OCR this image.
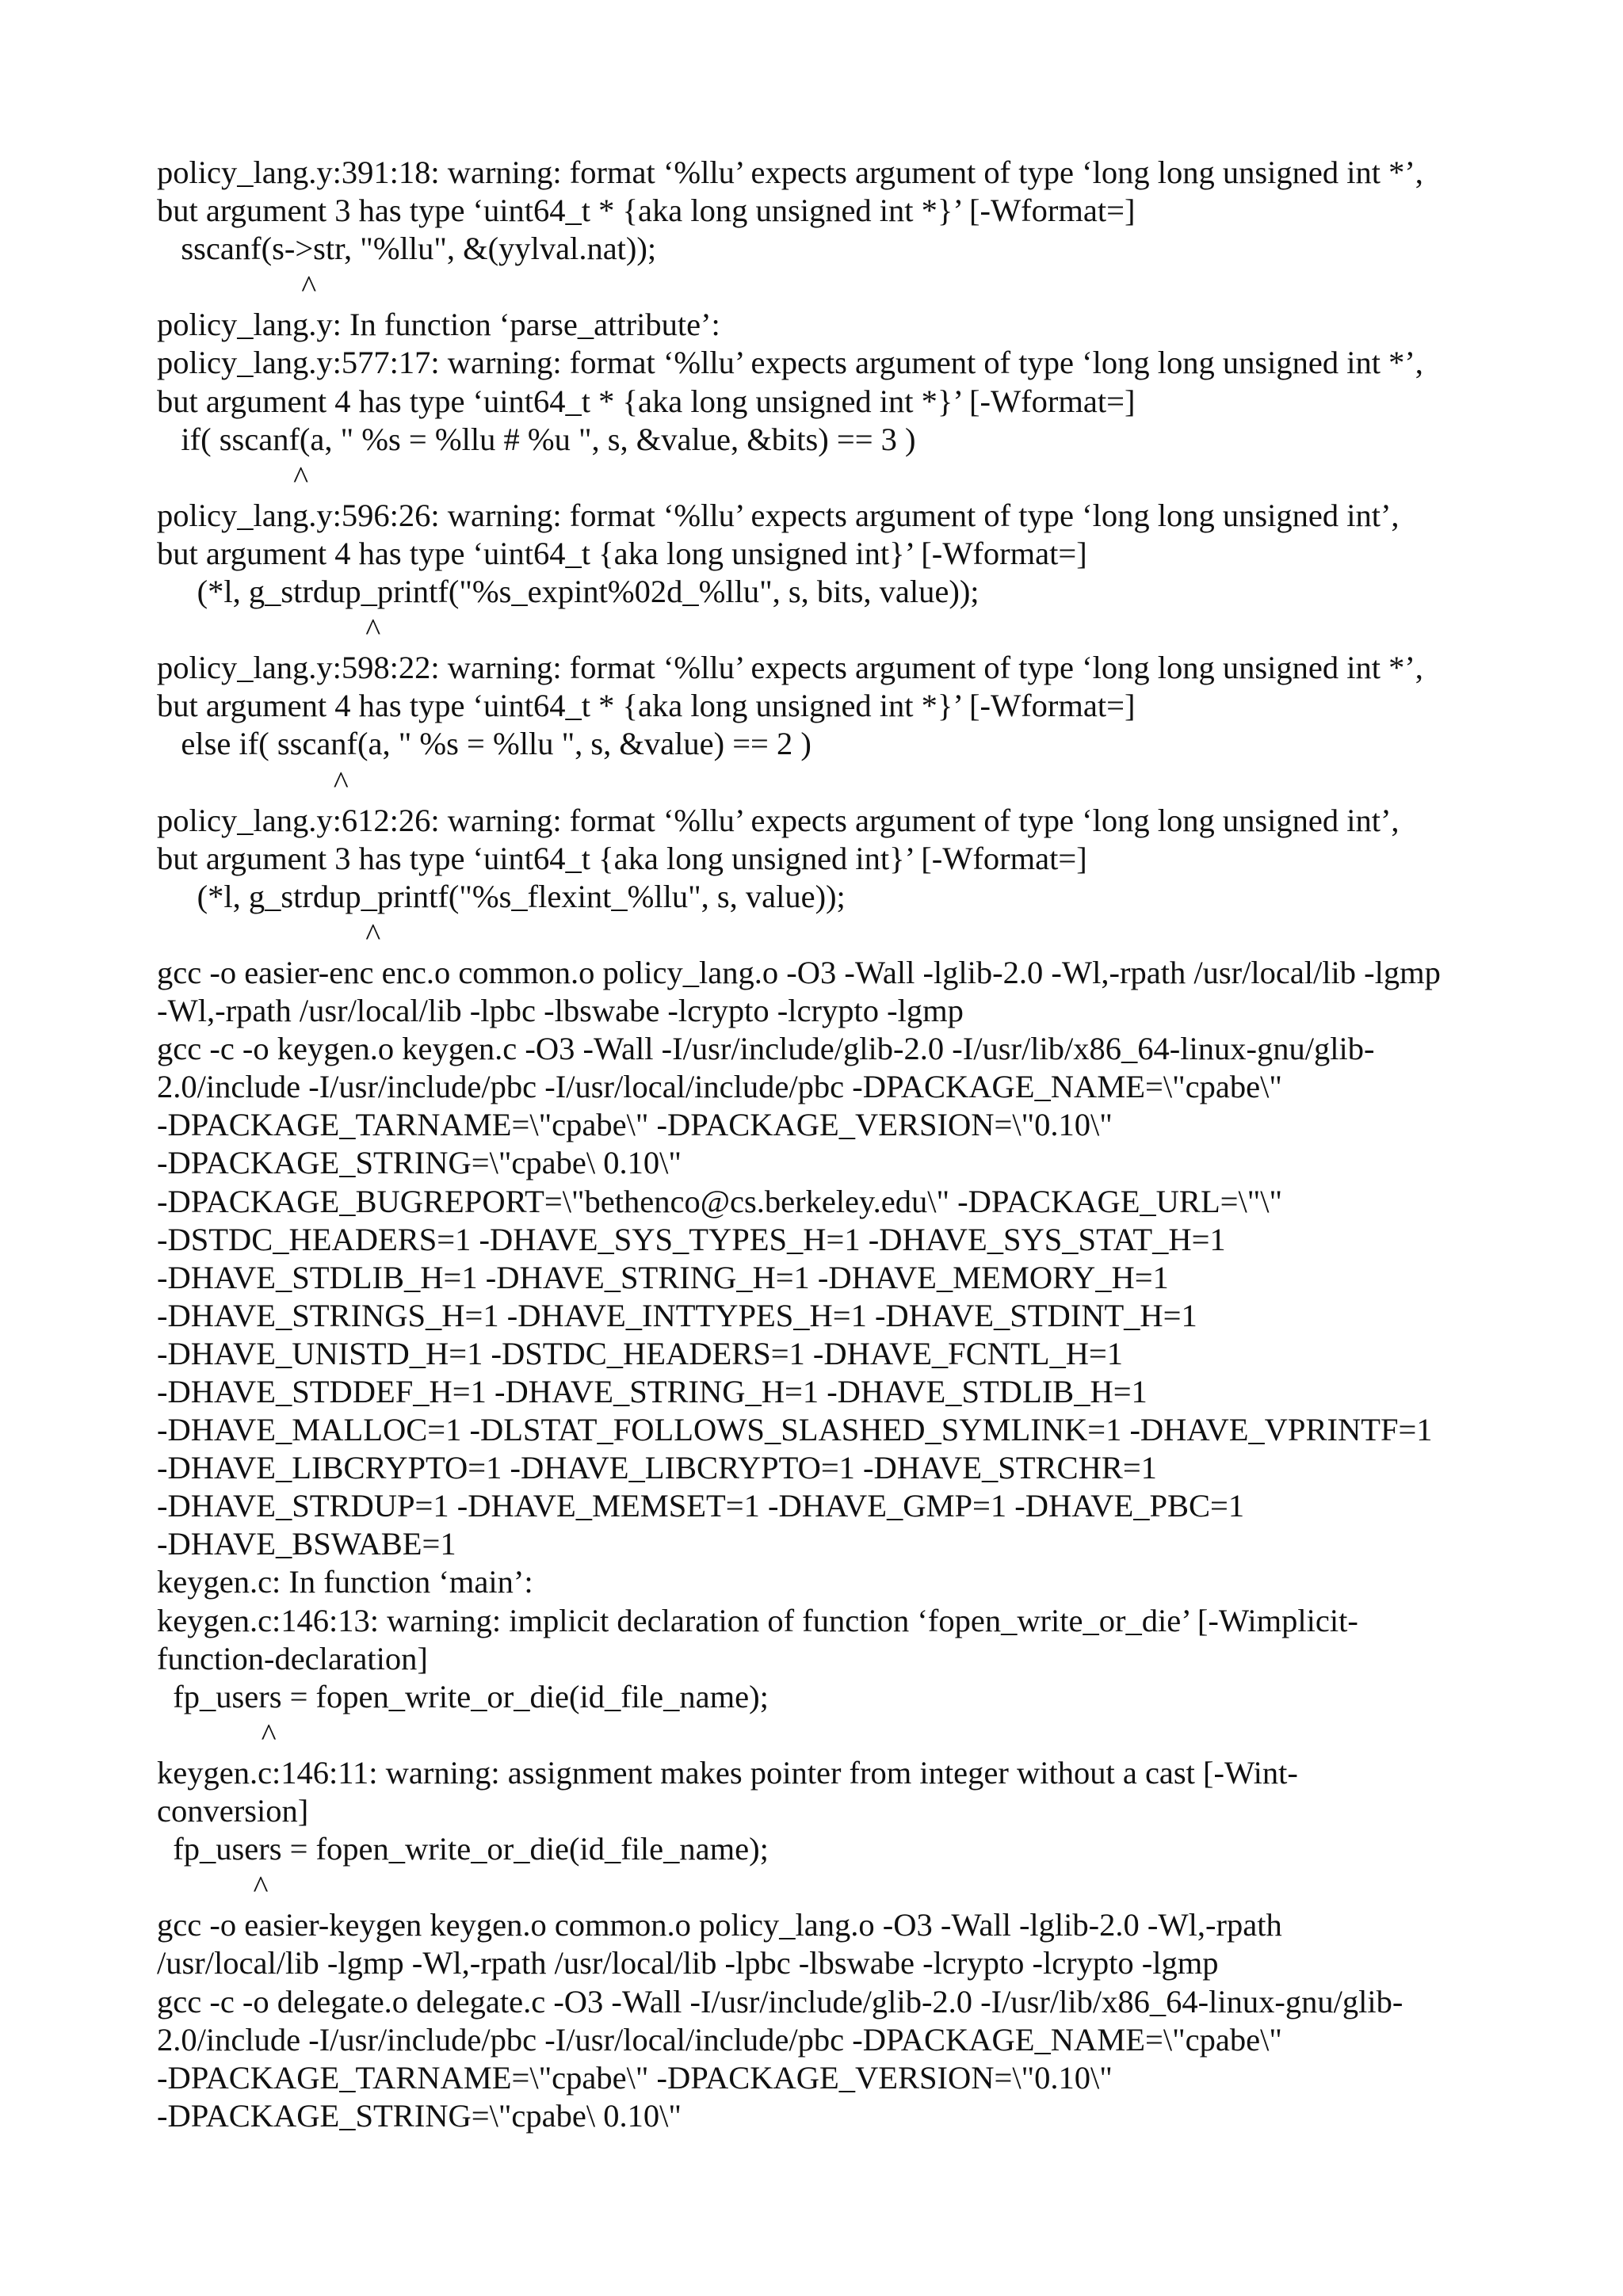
policy_lang.y:391:18: warning: format ‘%llu’ expects argument of type ‘long long unsigned int *’,
but argument 3 has type ‘uint64_t * {aka long unsigned int *}’ [-Wformat=]
sscanf(s->str, "%llu", &(yylval.nat));
^
policy_lang.y: In function ‘parse_attribute’:
policy_lang.y:577:17: warning: format ‘%llu’ expects argument of type ‘long long unsigned int *’,
but argument 4 has type ‘uint64_t * {aka long unsigned int *}’ [-Wformat=]
if( sscanf(a, " %s = %llu # %u ", s, &value, &bits) == 3 )
^
policy_lang.y:596:26: warning: format ‘%llu’ expects argument of type ‘long long unsigned int’,
but argument 4 has type ‘uint64_t {aka long unsigned int}’ [-Wformat=]
(*l, g_strdup_printf("%s_expint%02d_%llu", s, bits, value));
^
policy_lang.y:598:22: warning: format ‘%llu’ expects argument of type ‘long long unsigned int *’,
but argument 4 has type ‘uint64_t * {aka long unsigned int *}’ [-Wformat=]
else if( sscanf(a, " %s = %llu ", s, &value) == 2 )
^
policy_lang.y:612:26: warning: format ‘%llu’ expects argument of type ‘long long unsigned int’,
but argument 3 has type ‘uint64_t {aka long unsigned int}’ [-Wformat=]
(*l, g_strdup_printf("%s_flexint_%llu", s, value));
^
gcc -o easier-enc enc.o common.o policy_lang.o -O3 -Wall -lglib-2.0 -Wl,-rpath /usr/local/lib -lgmp
-Wl,-rpath /usr/local/lib -lpbc -lbswabe -lcrypto -lcrypto -lgmp
gcc -c -o keygen.o keygen.c -O3 -Wall -I/usr/include/glib-2.0 -I/usr/lib/x86_64-linux-gnu/glib-
2.0/include -I/usr/include/pbc -I/usr/local/include/pbc -DPACKAGE_NAME=\"cpabe\"
-DPACKAGE_TARNAME=\"cpabe\" -DPACKAGE_VERSION=\"0.10\"
-DPACKAGE_STRING=\"cpabe\ 0.10\"
-DPACKAGE_BUGREPORT=\"bethenco@cs.berkeley.edu\" -DPACKAGE_URL=\"\"
-DSTDC_HEADERS=1 -DHAVE_SYS_TYPES_H=1 -DHAVE_SYS_STAT_H=1
-DHAVE_STDLIB_H=1 -DHAVE_STRING_H=1 -DHAVE_MEMORY_H=1
-DHAVE_STRINGS_H=1 -DHAVE_INTTYPES_H=1 -DHAVE_STDINT_H=1
-DHAVE_UNISTD_H=1 -DSTDC_HEADERS=1 -DHAVE_FCNTL_H=1
-DHAVE_STDDEF_H=1 -DHAVE_STRING_H=1 -DHAVE_STDLIB_H=1
-DHAVE_MALLOC=1 -DLSTAT_FOLLOWS_SLASHED_SYMLINK=1 -DHAVE_VPRINTF=1
-DHAVE_LIBCRYPTO=1 -DHAVE_LIBCRYPTO=1 -DHAVE_STRCHR=1
-DHAVE_STRDUP=1 -DHAVE_MEMSET=1 -DHAVE_GMP=1 -DHAVE_PBC=1
-DHAVE_BSWABE=1
keygen.c: In function ‘main’:
keygen.c:146:13: warning: implicit declaration of function ‘fopen_write_or_die’ [-Wimplicit-
function-declaration]
fp_users = fopen_write_or_die(id_file_name);
^
keygen.c:146:11: warning: assignment makes pointer from integer without a cast [-Wint-
conversion]
fp_users = fopen_write_or_die(id_file_name);
^
gcc -o easier-keygen keygen.o common.o policy_lang.o -O3 -Wall -lglib-2.0 -Wl,-rpath
/usr/local/lib -lgmp -Wl,-rpath /usr/local/lib -lpbc -lbswabe -lcrypto -lcrypto -lgmp
gcc -c -o delegate.o delegate.c -O3 -Wall -I/usr/include/glib-2.0 -I/usr/lib/x86_64-linux-gnu/glib-
2.0/include -I/usr/include/pbc -I/usr/local/include/pbc -DPACKAGE_NAME=\"cpabe\"
-DPACKAGE_TARNAME=\"cpabe\" -DPACKAGE_VERSION=\"0.10\"
-DPACKAGE_STRING=\"cpabe\ 0.10\"
